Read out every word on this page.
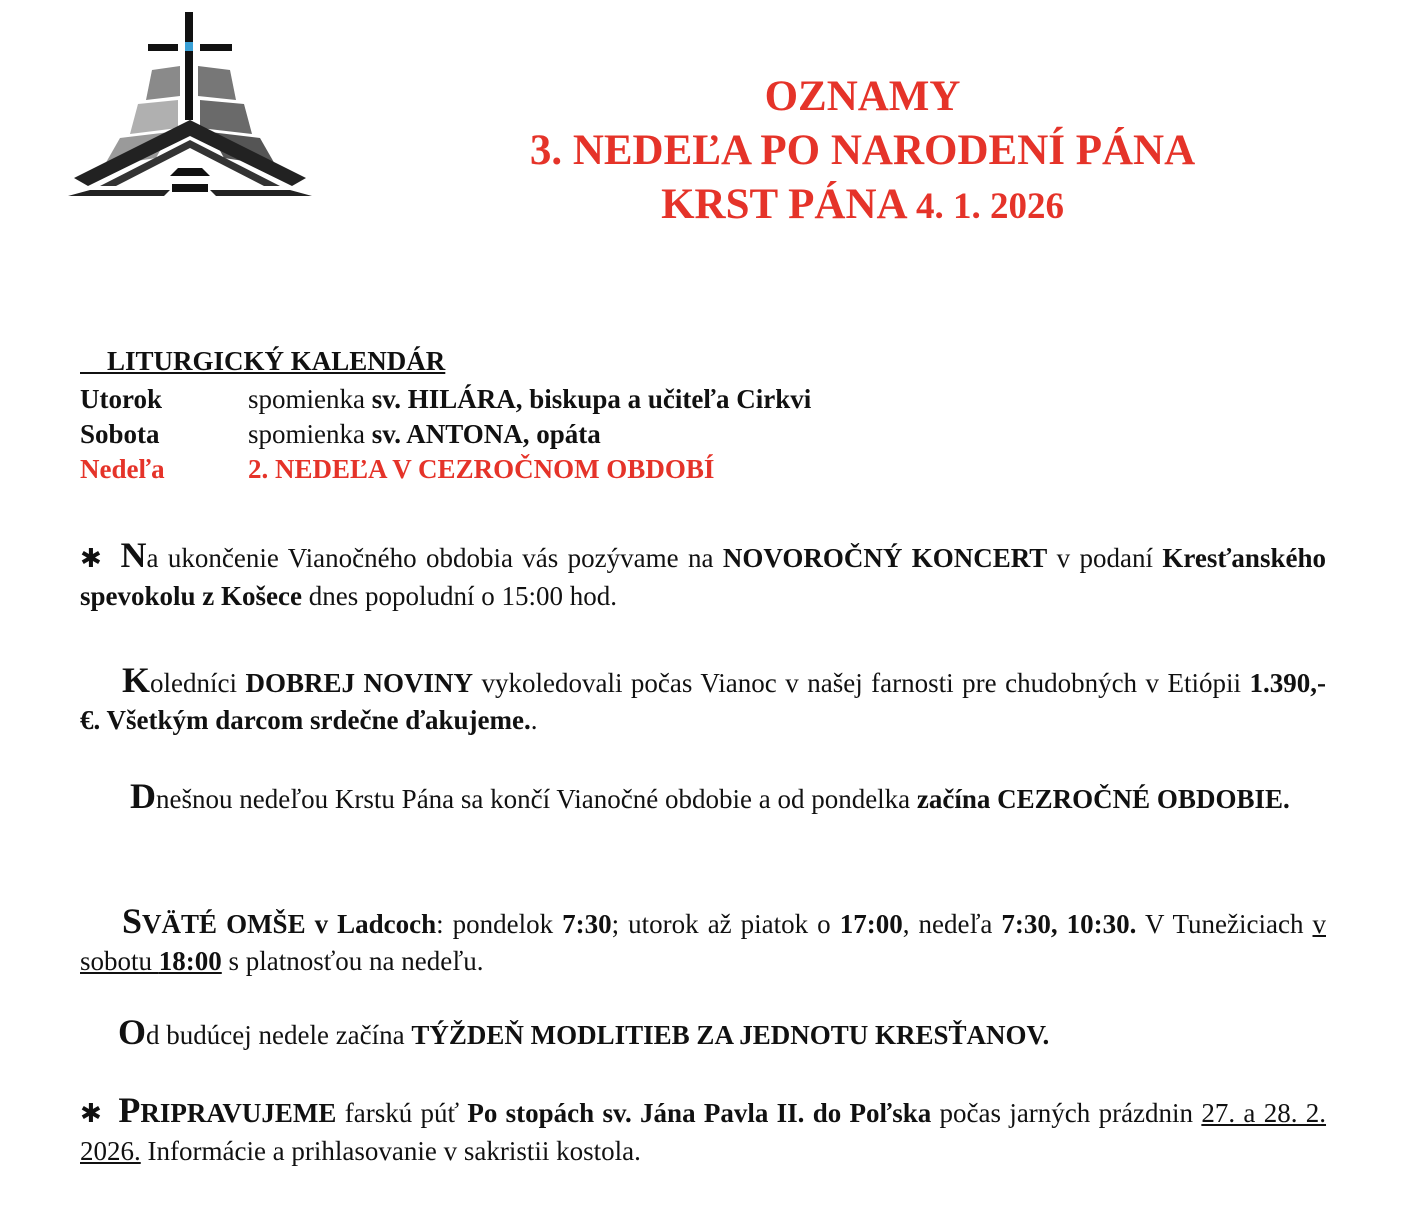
OZNAMY

3. NEDEĽA PO NARODENÍ PÁNA

KRST PÁNA 4. 1. 2026

LITURGICKÝ KALENDÁR
Utorok	spomienka sv. HILÁRA, biskupa a učiteľa Cirkvi
Sobota	spomienka sv. ANTONA, opáta
Nedeľa	2. NEDEĽA V CEZROČNOM OBDOBÍ
✱ Na ukončenie Vianočného obdobia vás pozývame na NOVOROČNÝ KONCERT v podaní Kresťanského spevokolu z Košece dnes popoludní o 15:00 hod.
Koledníci DOBREJ NOVINY vykoledovali počas Vianoc v našej farnosti pre chudobných v Etiópii 1.390,- €. Všetkým darcom srdečne ďakujeme..
Dnešnou nedeľou Krstu Pána sa končí Vianočné obdobie a od pondelka začína CEZROČNÉ OBDOBIE.
SVÄTÉ OMŠE v Ladcoch: pondelok 7:30; utorok až piatok o 17:00, nedeľa 7:30, 10:30. V Tunežiciach v sobotu 18:00 s platnosťou na nedeľu.
Od budúcej nedele začína TÝŽDEŇ MODLITIEB ZA JEDNOTU KRESŤANOV.
✱ PRIPRAVUJEME farskú púť Po stopách sv. Jána Pavla II. do Poľska počas jarných prázdnin 27. a 28. 2. 2026. Informácie a prihlasovanie v sakristii kostola.
